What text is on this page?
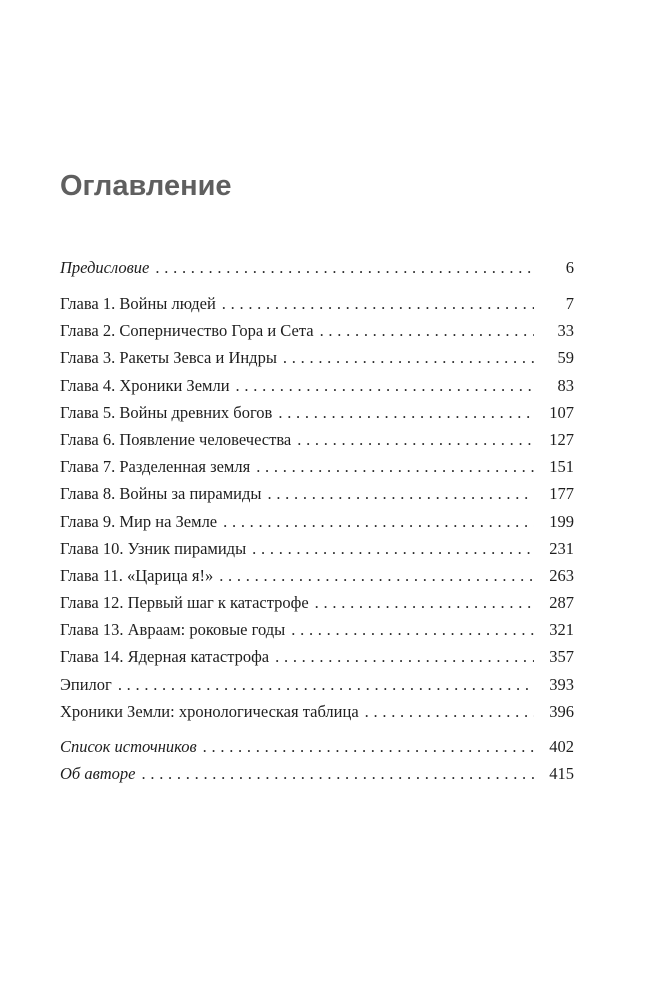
Оглавление
Предисловие . . .	6
Глава 1. Войны людей . . .	7
Глава 2. Соперничество Гора и Сета . . .	33
Глава 3. Ракеты Зевса и Индры . . .	59
Глава 4. Хроники Земли . . .	83
Глава 5. Войны древних богов . . .	107
Глава 6. Появление человечества . . .	127
Глава 7. Разделенная земля . . .	151
Глава 8. Войны за пирамиды . . .	177
Глава 9. Мир на Земле . . .	199
Глава 10. Узник пирамиды . . .	231
Глава 11. «Царица я!» . . .	263
Глава 12. Первый шаг к катастрофе . . .	287
Глава 13. Авраам: роковые годы . . .	321
Глава 14. Ядерная катастрофа . . .	357
Эпилог . . .	393
Хроники Земли: хронологическая таблица . . .	396
Список источников . . .	402
Об авторе . . .	415
